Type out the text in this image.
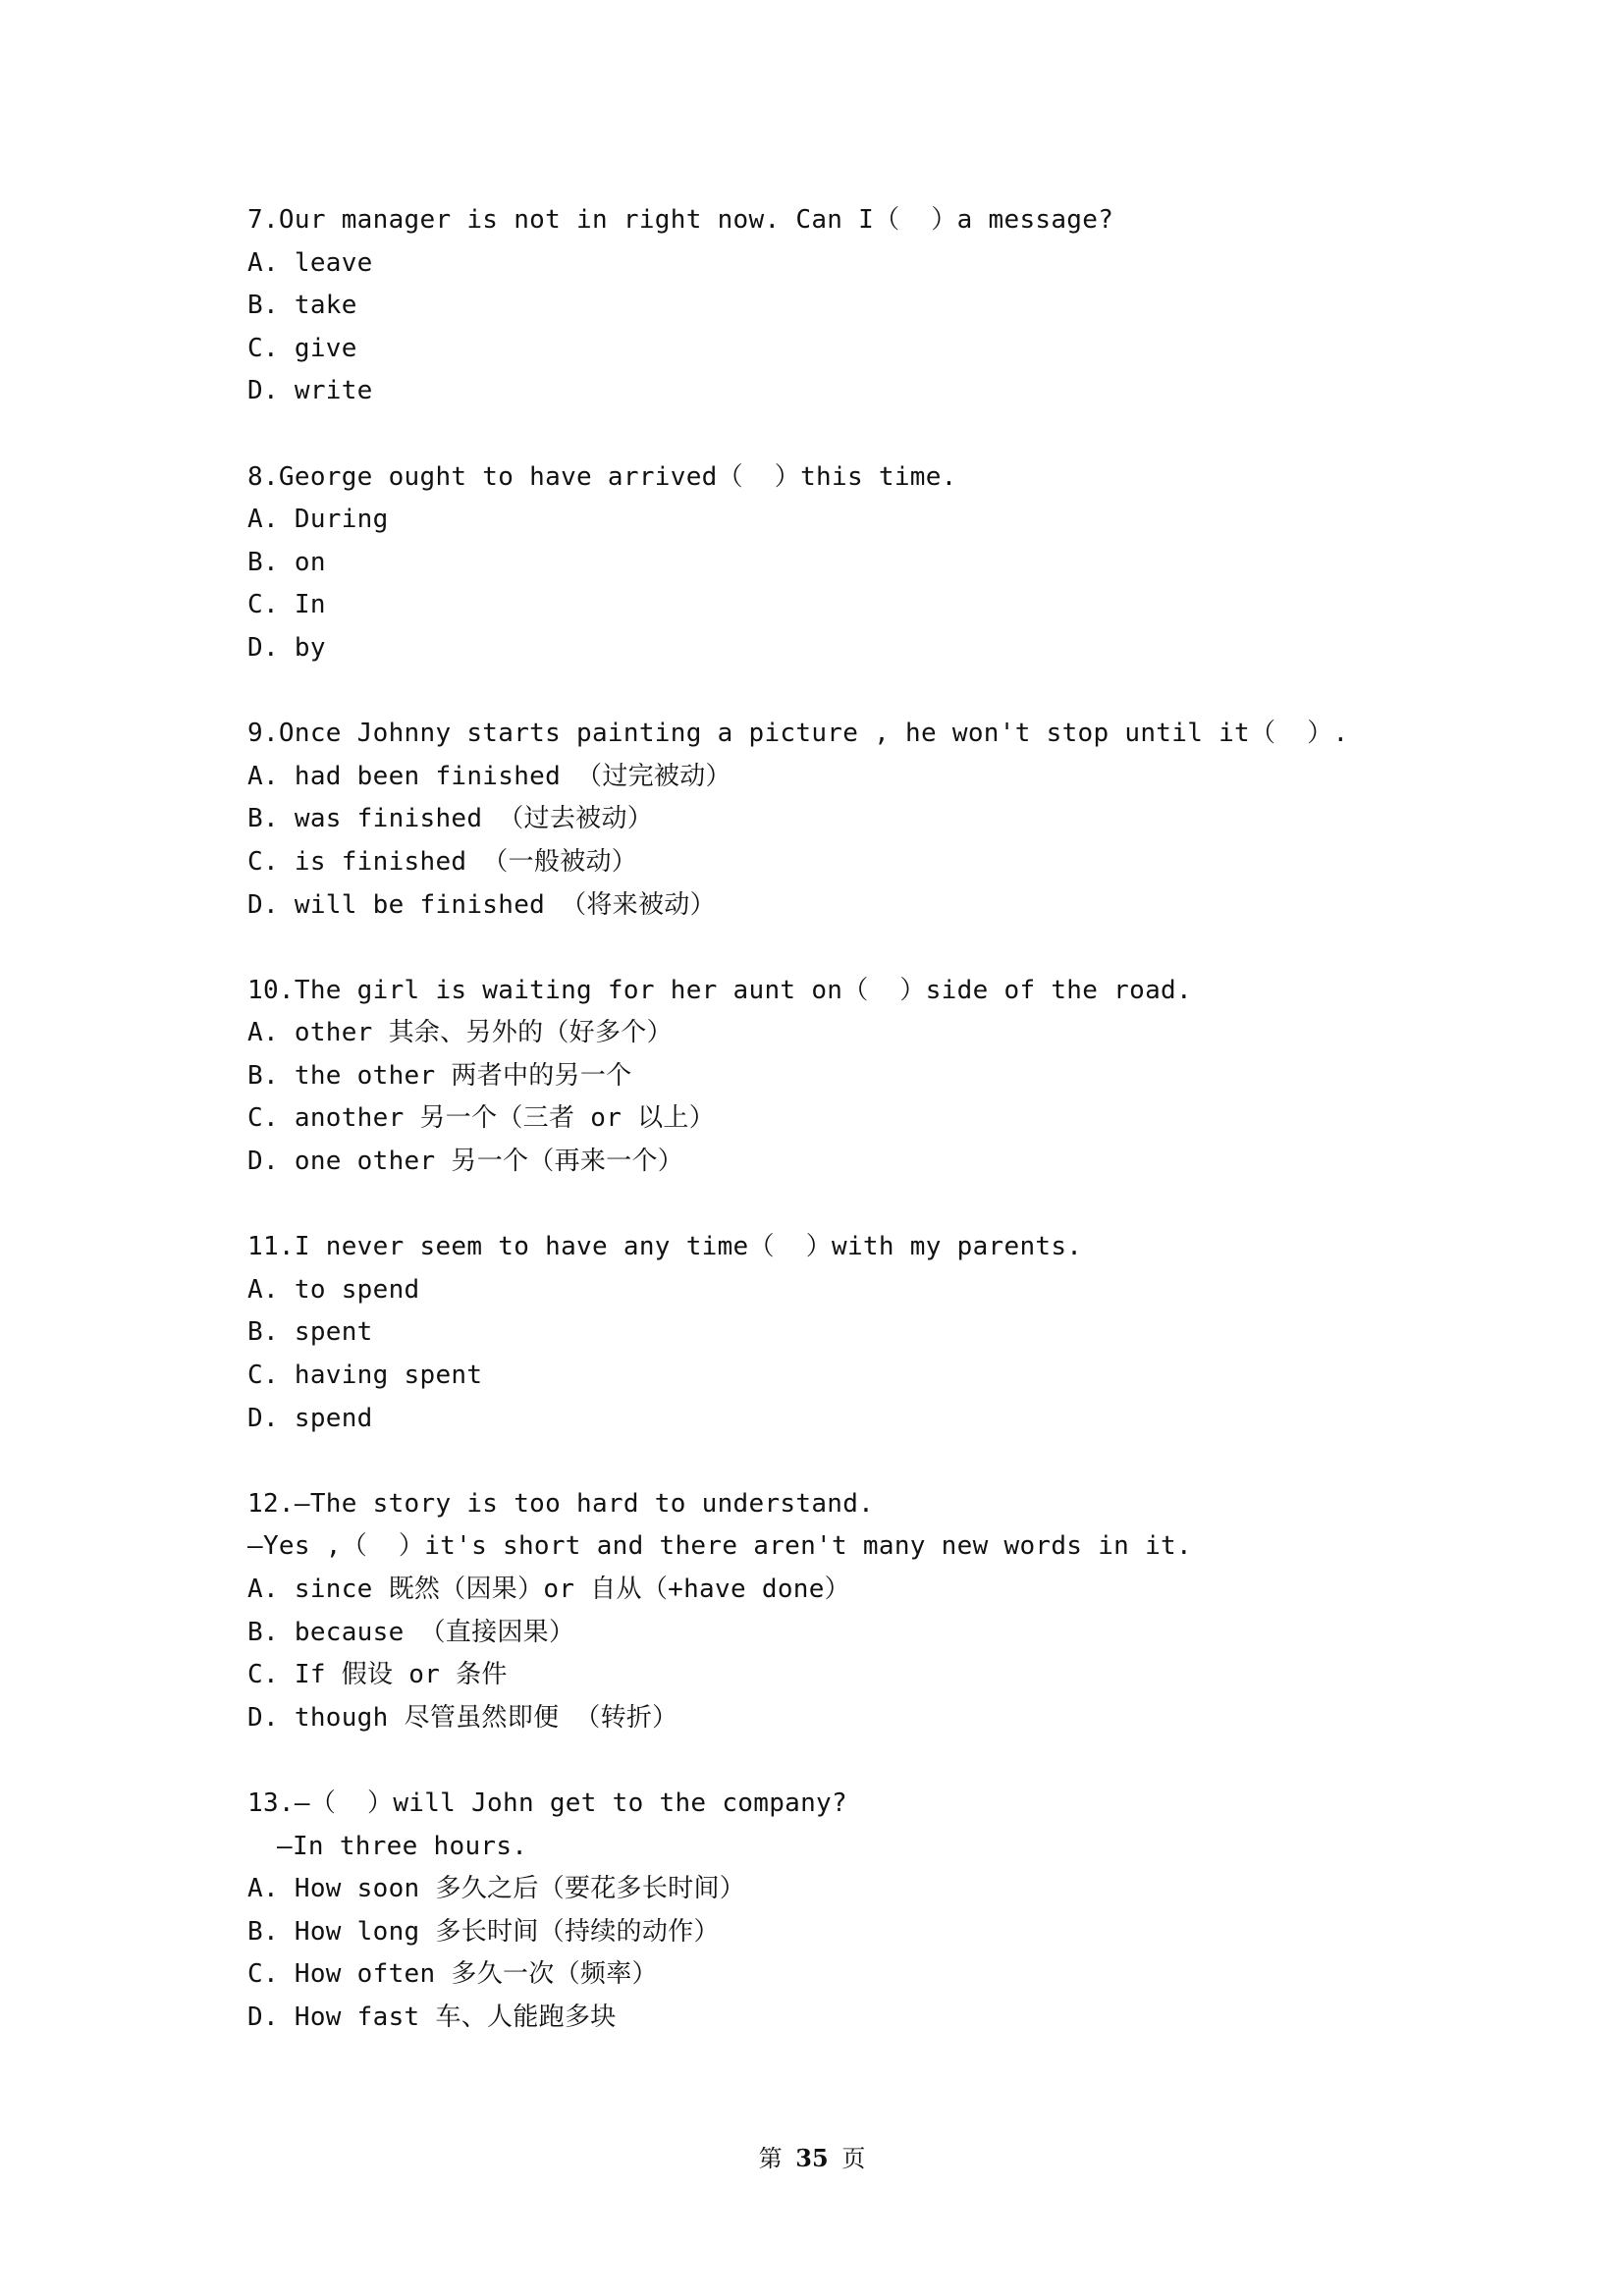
7.Our manager is not in right now. Can I（  ）a message?
A. leave
B. take
C. give
D. write
8.George ought to have arrived（  ）this time.
A. During
B. on
C. In
D. by
9.Once Johnny starts painting a picture , he won't stop until it（  ）.
A. had been finished （过完被动）
B. was finished （过去被动）
C. is finished （一般被动）
D. will be finished （将来被动）
10.The girl is waiting for her aunt on（  ）side of the road.
A. other 其余、另外的（好多个）
B. the other 两者中的另一个
C. another 另一个（三者 or 以上）
D. one other 另一个（再来一个）
11.I never seem to have any time（  ）with my parents.
A. to spend
B. spent
C. having spent
D. spend
12.—The story is too hard to understand.
—Yes ,（  ）it's short and there aren't many new words in it.
A. since 既然（因果）or 自从（+have done）
B. because （直接因果）
C. If 假设 or 条件
D. though 尽管虽然即便 （转折）
13.—（  ）will John get to the company?
—In three hours.
A. How soon 多久之后（要花多长时间）
B. How long 多长时间（持续的动作）
C. How often 多久一次（频率）
D. How fast 车、人能跑多块
第 35 页
